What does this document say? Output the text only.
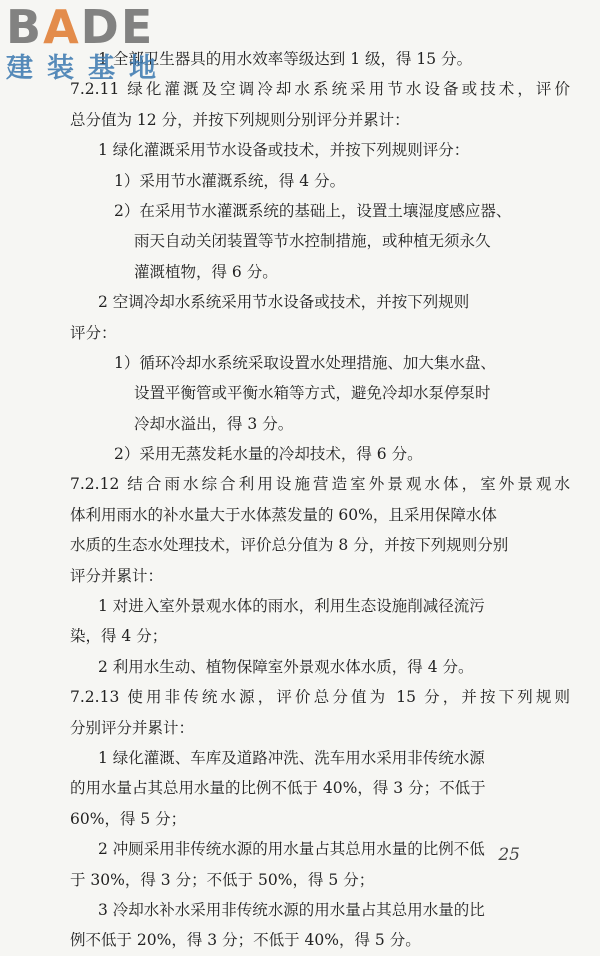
BADE
建装基地
1 全部卫生器具的用水效率等级达到 1 级，得 15 分。
7.2.11 绿化灌溉及空调冷却水系统采用节水设备或技术，评价
总分值为 12 分，并按下列规则分别评分并累计：
1 绿化灌溉采用节水设备或技术，并按下列规则评分：
1）采用节水灌溉系统，得 4 分。
2）在采用节水灌溉系统的基础上，设置土壤湿度感应器、
雨天自动关闭装置等节水控制措施，或种植无须永久
灌溉植物，得 6 分。
2 空调冷却水系统采用节水设备或技术，并按下列规则
评分：
1）循环冷却水系统采取设置水处理措施、加大集水盘、
设置平衡管或平衡水箱等方式，避免冷却水泵停泵时
冷却水溢出，得 3 分。
2）采用无蒸发耗水量的冷却技术，得 6 分。
7.2.12 结合雨水综合利用设施营造室外景观水体，室外景观水
体利用雨水的补水量大于水体蒸发量的 60%，且采用保障水体
水质的生态水处理技术，评价总分值为 8 分，并按下列规则分别
评分并累计：
1 对进入室外景观水体的雨水，利用生态设施削减径流污
染，得 4 分；
2 利用水生动、植物保障室外景观水体水质，得 4 分。
7.2.13 使用非传统水源，评价总分值为 15 分，并按下列规则
分别评分并累计：
1 绿化灌溉、车库及道路冲洗、洗车用水采用非传统水源
的用水量占其总用水量的比例不低于 40%，得 3 分；不低于
60%，得 5 分；
2 冲厕采用非传统水源的用水量占其总用水量的比例不低
于 30%，得 3 分；不低于 50%，得 5 分；
3 冷却水补水采用非传统水源的用水量占其总用水量的比
例不低于 20%，得 3 分；不低于 40%，得 5 分。
25
